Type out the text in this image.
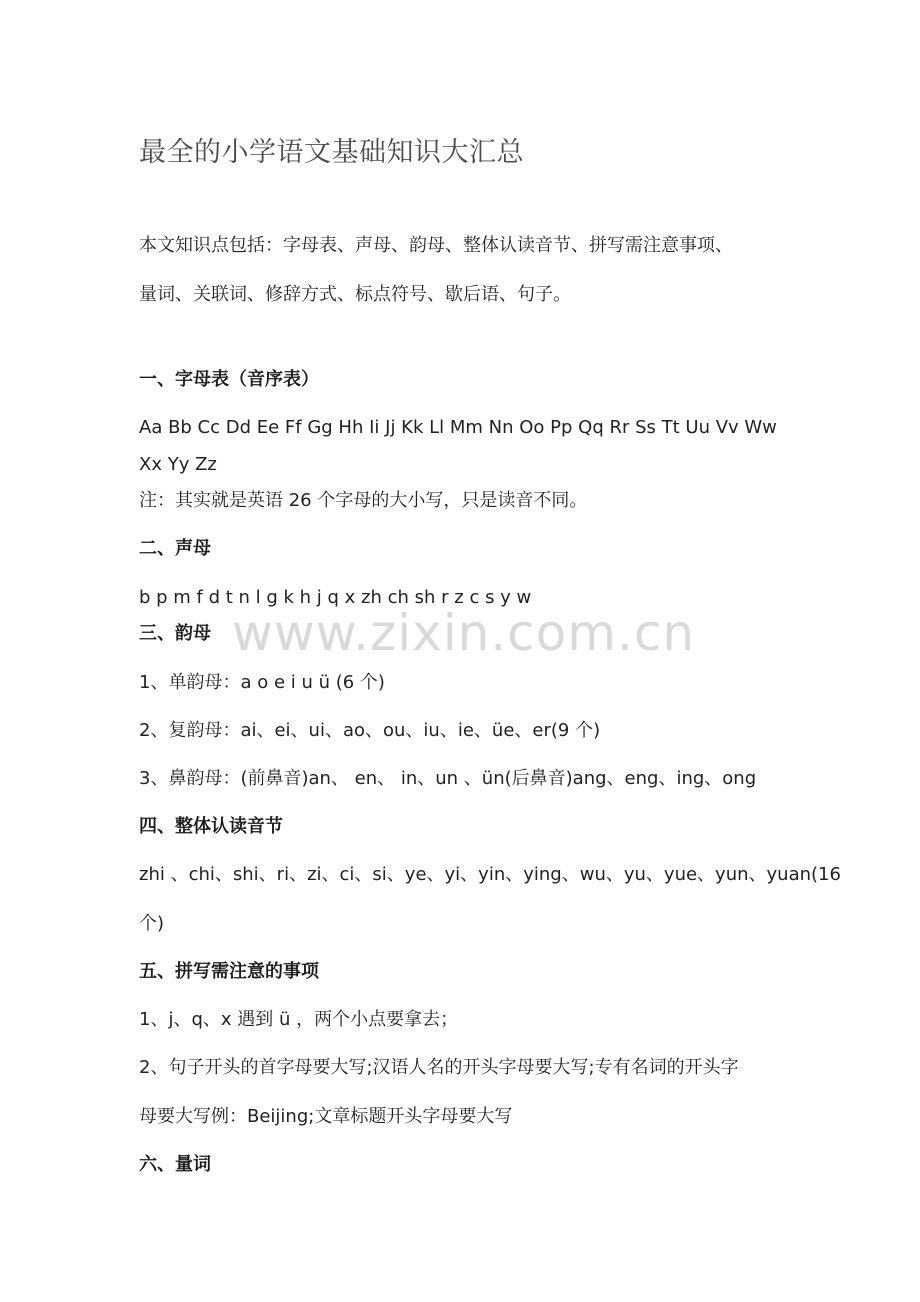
最全的小学语文基础知识大汇总
本文知识点包括：字母表、声母、韵母、整体认读音节、拼写需注意事项、
量词、关联词、修辞方式、标点符号、歇后语、句子。
一、字母表（音序表）
Aa Bb Cc Dd Ee Ff Gg Hh Ii Jj Kk Ll Mm Nn Oo Pp Qq Rr Ss Tt Uu Vv Ww
Xx Yy Zz
注：其实就是英语 26 个字母的大小写，只是读音不同。
二、声母
b p m f d t n l g k h j q x zh ch sh r z c s y w
三、韵母
1、单韵母：a o e i u ü (6 个)
2、复韵母：ai、ei、ui、ao、ou、iu、ie、üe、er(9 个)
3、鼻韵母：(前鼻音)an、 en、 in、un 、ün(后鼻音)ang、eng、ing、ong
四、整体认读音节
zhi 、chi、shi、ri、zi、ci、si、ye、yi、yin、ying、wu、yu、yue、yun、yuan(16
个)
五、拼写需注意的事项
1、j、q、x 遇到 ü ，两个小点要拿去；
2、句子开头的首字母要大写;汉语人名的开头字母要大写;专有名词的开头字
母要大写例：Beijing;文章标题开头字母要大写
六、量词
www.zixin.com.cn
